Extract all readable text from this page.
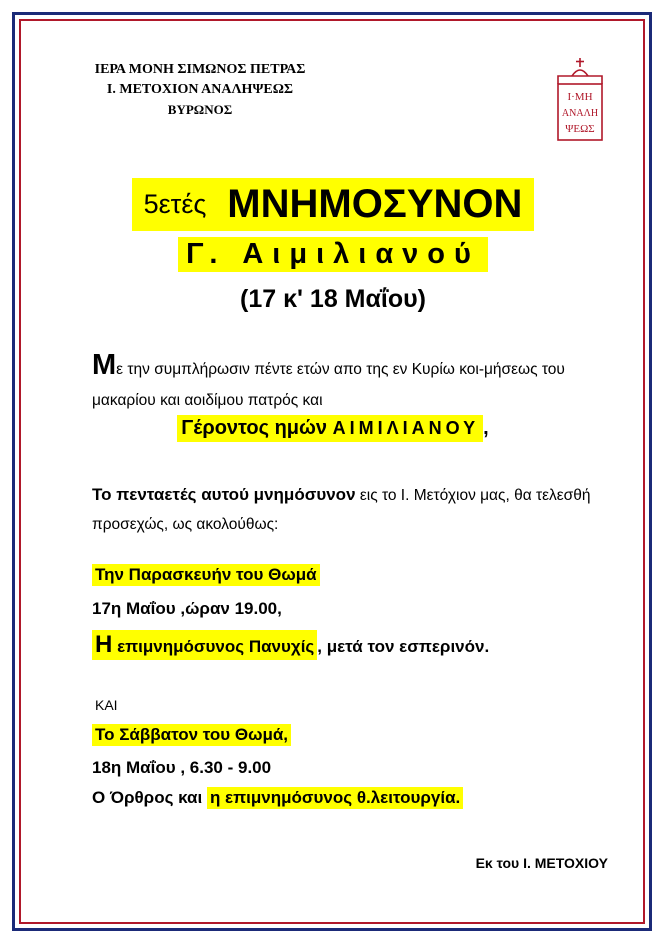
ΙΕΡΑ ΜΟΝΗ ΣΙΜΩΝΟΣ ΠΕΤΡΑΣ
Ι. ΜΕΤΟΧΙΟΝ ΑΝΑΛΗΨΕΩΣ
ΒΥΡΩΝΟΣ
Ι·ΜΗ
ΑΝΑΛΗ
ΨΕΩΣ
5ετές ΜΝΗΜΟΣΥΝΟΝ
Γ. Αιμιλιανού
(17 κ' 18 Μαΐου)
Με την συμπλήρωσιν πέντε ετών απο της εν Κυρίω κοι-μήσεως του μακαρίου και αοιδίμου πατρός και
Γέροντος ημών ΑΙΜΙΛΙΑΝΟΥ ,
Το πενταετές αυτού μνημόσυνον εις το Ι. Μετόχιον μας, θα τελεσθή προσεχώς, ως ακολούθως:
Την Παρασκευήν του Θωμά
17η Μαΐου ,ώραν 19.00,
Η επιμνημόσυνος Πανυχίς , μετά τον εσπερινόν.
ΚΑΙ
Το Σάββατον του Θωμά,
18η Μαΐου , 6.30 - 9.00
Ο Όρθρος και η επιμνημόσυνος θ.λειτουργία.
Εκ του Ι. ΜΕΤΟΧΙΟΥ
